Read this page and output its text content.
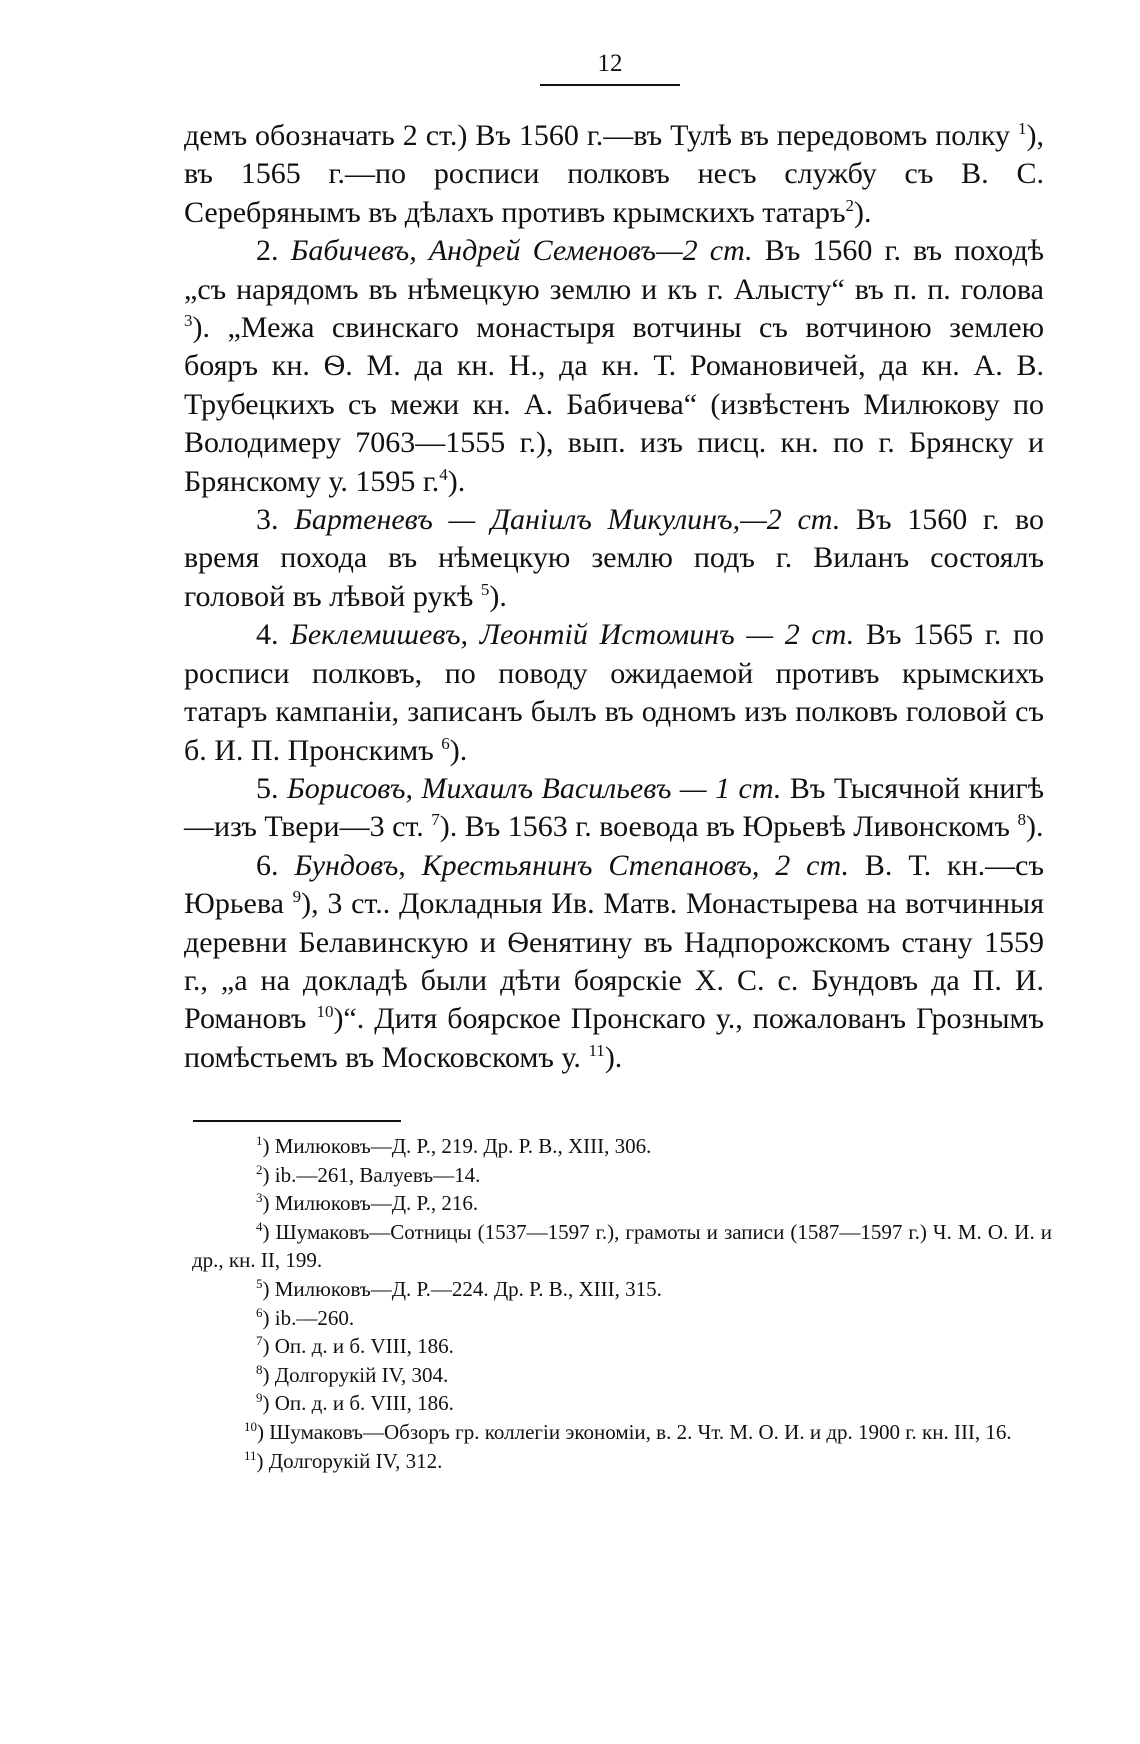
12

демъ обозначать 2 ст.) Въ 1560 г.—въ Тулѣ въ передовомъ полку $^1$), въ 1565 г.—по росписи полковъ несъ службу съ В. С. Серебрянымъ въ дѣлахъ противъ крымскихъ татаръ$^2$).

2. Бабичевъ, Андрей Семеновъ—2 ст. Въ 1560 г. въ походѣ „съ нарядомъ въ нѣмецкую землю и къ г. Алысту“ въ п. п. голова $^3$). „Межа свинскаго монастыря вотчины съ вотчиною землею бояръ кн. Ѳ. М. да кн. Н., да кн. Т. Романовичей, да кн. А. В. Трубецкихъ съ межи кн. А. Бабичева“ (извѣстенъ Милюкову по Володимеру 7063—1555 г.), вып. изъ писц. кн. по г. Брянску и Брянскому у. 1595 г.$^4$).

3. Бартеневъ — Даніилъ Микулинъ,—2 ст. Въ 1560 г. во время похода въ нѣмецкую землю подъ г. Виланъ состоялъ головой въ лѣвой рукѣ $^5$).

4. Беклемишевъ, Леонтій Истоминъ — 2 ст. Въ 1565 г. по росписи полковъ, по поводу ожидаемой противъ крымскихъ татаръ кампаніи, записанъ былъ въ одномъ изъ полковъ головой съ б. И. П. Пронскимъ $^6$).

5. Борисовъ, Михаилъ Васильевъ — 1 ст. Въ Тысячной книгѣ—изъ Твери—3 ст. $^7$). Въ 1563 г. воевода въ Юрьевѣ Ливонскомъ $^8$).

6. Бундовъ, Крестьянинъ Степановъ, 2 ст. В. Т. кн.—съ Юрьева $^9$), 3 ст.. Докладныя Ив. Матв. Монастырева на вотчинныя деревни Белавинскую и Ѳенятину въ Надпорожскомъ стану 1559 г., „а на докладѣ были дѣти боярскіе Х. С. с. Бундовъ да П. И. Романовъ $^{10}$)“. Дитя боярское Пронскаго у., пожалованъ Грознымъ помѣстьемъ въ Московскомъ у. $^{11}$).

$^1$) Милюковъ—Д. Р., 219. Др. Р. В., XIII, 306.

$^2$) ib.—261, Валуевъ—14.

$^3$) Милюковъ—Д. Р., 216.

$^4$) Шумаковъ—Сотницы (1537—1597 г.), грамоты и записи (1587—1597 г.) Ч. М. О. И. и др., кн. II, 199.

$^5$) Милюковъ—Д. Р.—224. Др. Р. В., XIII, 315.

$^6$) ib.—260.

$^7$) Оп. д. и б. VIII, 186.

$^8$) Долгорукій IV, 304.

$^9$) Оп. д. и б. VIII, 186.

$^{10}$) Шумаковъ—Обзоръ гр. коллегіи экономіи, в. 2. Чт. М. О. И. и др. 1900 г. кн. III, 16.

$^{11}$) Долгорукій IV, 312.
